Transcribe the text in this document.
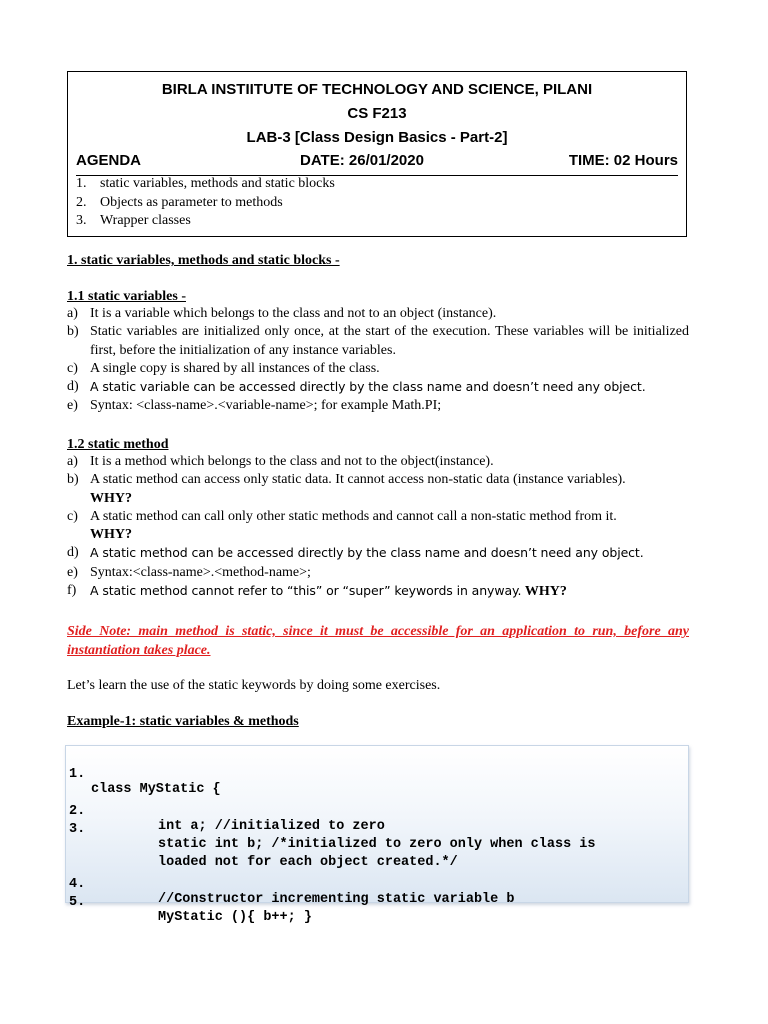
BIRLA INSTIITUTE OF TECHNOLOGY AND SCIENCE, PILANI
CS F213
LAB-3 [Class Design Basics - Part-2]
AGENDA	DATE: 26/01/2020	TIME: 02 Hours
1. static variables, methods and static blocks
2. Objects as parameter to methods
3. Wrapper classes
1. static variables, methods and static blocks -
1.1 static variables -
a) It is a variable which belongs to the class and not to an object (instance).
b) Static variables are initialized only once, at the start of the execution. These variables will be initialized first, before the initialization of any instance variables.
c) A single copy is shared by all instances of the class.
d) A static variable can be accessed directly by the class name and doesn’t need any object.
e) Syntax: <class-name>.<variable-name>; for example Math.PI;
1.2 static method
a) It is a method which belongs to the class and not to the object(instance).
b) A static method can access only static data. It cannot access non-static data (instance variables).
WHY?
c) A static method can call only other static methods and cannot call a non-static method from it.
WHY?
d) A static method can be accessed directly by the class name and doesn’t need any object.
e) Syntax:<class-name>.<method-name>;
f) A static method cannot refer to “this” or “super” keywords in anyway. WHY?
Side Note: main method is static, since it must be accessible for an application to run, before any instantiation takes place.
Let’s learn the use of the static keywords by doing some exercises.
Example-1: static variables & methods

1.

class MyStatic {

2.

int a; //initialized to zero

3.

static int b; /*initialized to zero only when class is

loaded not for each object created.*/

4.

//Constructor incrementing static variable b

5.

MyStatic (){ b++; }
